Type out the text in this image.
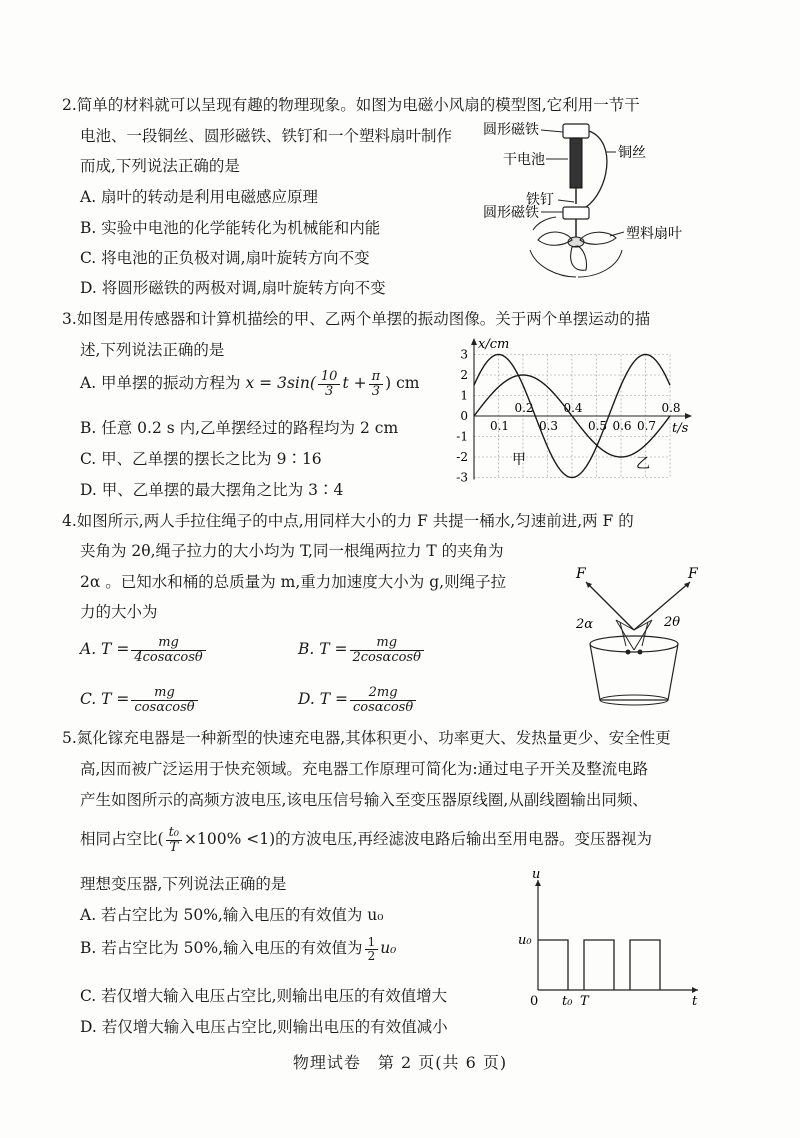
2.简单的材料就可以呈现有趣的物理现象。如图为电磁小风扇的模型图,它利用一节干
电池、一段铜丝、圆形磁铁、铁钉和一个塑料扇叶制作
而成,下列说法正确的是
A. 扇叶的转动是利用电磁感应原理
B. 实验中电池的化学能转化为机械能和内能
C. 将电池的正负极对调,扇叶旋转方向不变
D. 将圆形磁铁的两极对调,扇叶旋转方向不变
圆形磁铁
干电池	铜丝
铁钉
圆形磁铁
塑料扇叶
3.如图是用传感器和计算机描绘的甲、乙两个单摆的振动图像。关于两个单摆运动的描
述,下列说法正确的是
A. 甲单摆的振动方程为 $x = 3\sin( \frac{10}{3}$ $t + \frac{\pi}{3}$ ) cm
B. 任意 0.2 s 内,乙单摆经过的路程均为 2 cm
C. 甲、乙单摆的摆长之比为 9∶16
D. 甲、乙单摆的最大摆角之比为 3∶4
3
2
1
0
-1
-2
-3
0.1
0.2
0.3
0.4
0.5 0.6 0.7
0.8
x/cm
t/s
甲	乙
4.如图所示,两人手拉住绳子的中点,用同样大小的力 F 共提一桶水,匀速前进,两 F 的
夹角为 2θ,绳子拉力的大小均为 T,同一根绳两拉力 T 的夹角为
2α 。已知水和桶的总质量为 m,重力加速度大小为 g,则绳子拉
力的大小为
A. $T = \frac{mg}{4\cos\alpha\cos\theta}$	B. $T = \frac{mg}{2\cos\alpha\cos\theta}$
C. $T = \frac{mg}{\cos\alpha\cos\theta}$	D. $T = \frac{2mg}{\cos\alpha\cos\theta}$
F	F
2α	2θ
5.氮化镓充电器是一种新型的快速充电器,其体积更小、功率更大、发热量更少、安全性更
高,因而被广泛运用于快充领域。充电器工作原理可简化为:通过电子开关及整流电路
产生如图所示的高频方波电压,该电压信号输入至变压器原线圈,从副线圈输出同频、
相同占空比( $\frac{\text{t₀}}{T} \times 100\% <1$)的方波电压,再经滤波电路后输出至用电器。变压器视为
理想变压器,下列说法正确的是
A. 若占空比为 50%,输入电压的有效值为 u₀
B. 若占空比为 50%,输入电压的有效值为 $\frac{1}{2} u_0$
C. 若仅增大输入电压占空比,则输出电压的有效值增大
D. 若仅增大输入电压占空比,则输出电压的有效值减小
u
u₀
0 t₀ T	t
物理试卷　第 2 页(共 6 页)
